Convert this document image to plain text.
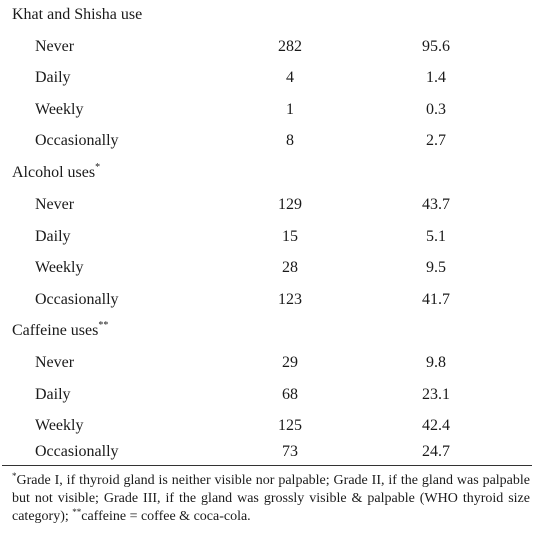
Khat and Shisha use
Never	282	95.6
Daily	4	1.4
Weekly	1	0.3
Occasionally	8	2.7
Alcohol uses*
Never	129	43.7
Daily	15	5.1
Weekly	28	9.5
Occasionally	123	41.7
Caffeine uses**
Never	29	9.8
Daily	68	23.1
Weekly	125	42.4
Occasionally	73	24.7
*Grade I, if thyroid gland is neither visible nor palpable; Grade II, if the gland was palpable but not visible; Grade III, if the gland was grossly visible & palpable (WHO thyroid size category); **caffeine = coffee & coca-cola.
